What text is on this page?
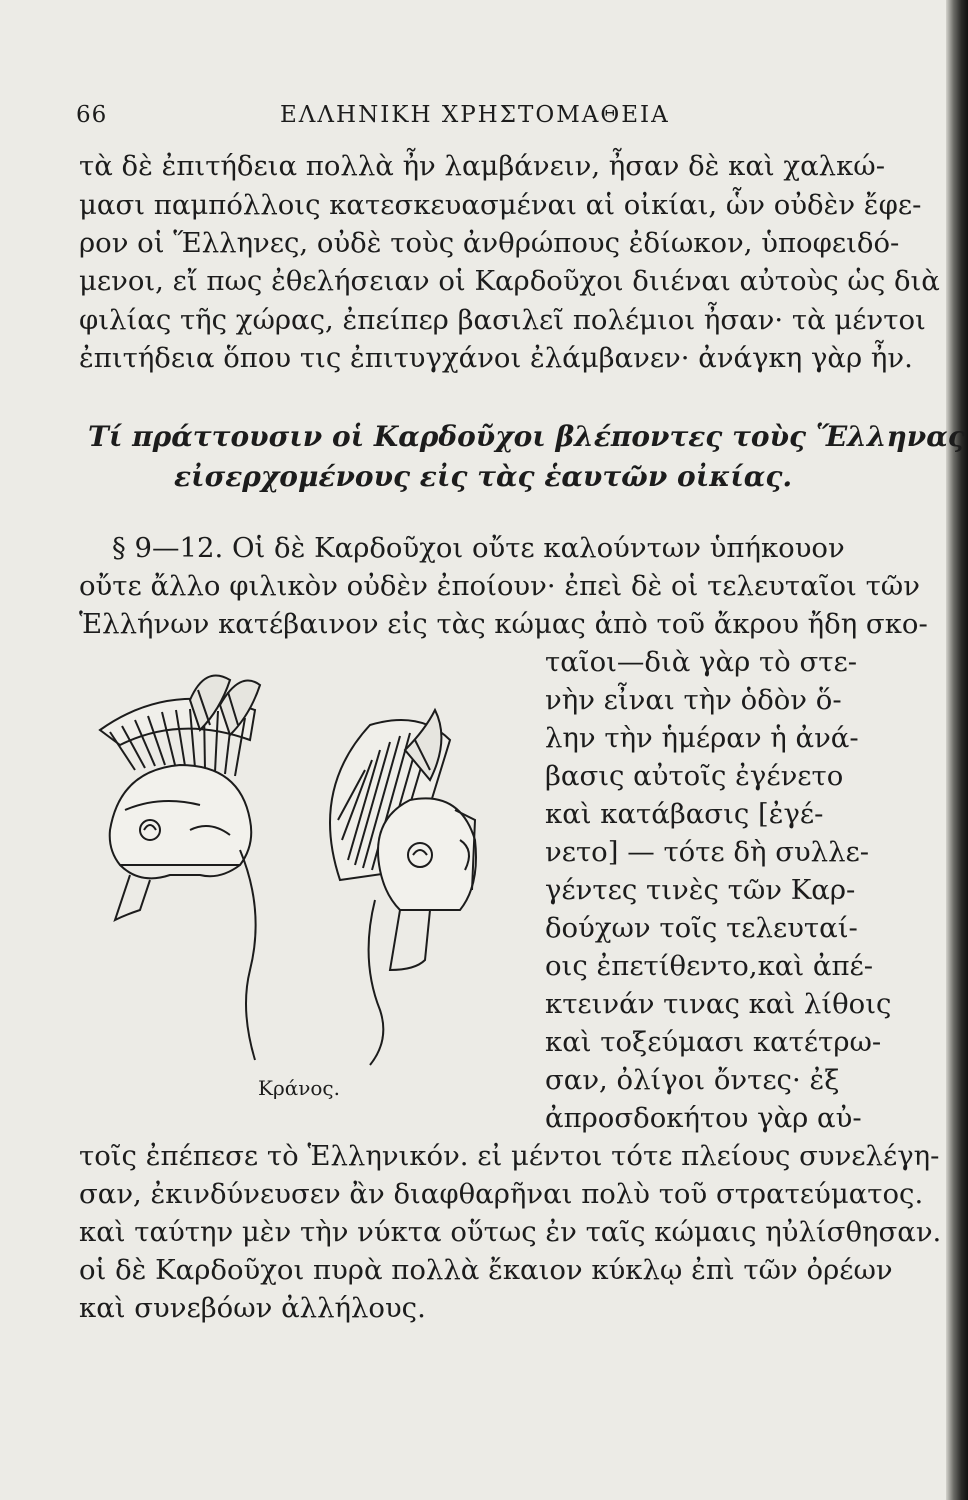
66	ΕΛΛΗΝΙΚΗ ΧΡΗΣΤΟΜΑΘΕΙΑ
τὰ δὲ ἐπιτήδεια πολλὰ ἦν λαμβάνειν, ἦσαν δὲ καὶ χαλκώ-
μασι παμπόλλοις κατεσκευασμέναι αἱ οἰκίαι, ὧν οὐδὲν ἔφε-
ρον οἱ Ἕλληνες, οὐδὲ τοὺς ἀνθρώπους ἐδίωκον, ὑποφειδό-
μενοι, εἴ πως ἐθελήσειαν οἱ Καρδοῦχοι διιέναι αὐτοὺς ὡς διὰ
φιλίας τῆς χώρας, ἐπείπερ βασιλεῖ πολέμιοι ἦσαν· τὰ μέντοι
ἐπιτήδεια ὅπου τις ἐπιτυγχάνοι ἐλάμβανεν· ἀνάγκη γὰρ ἦν.
Τί πράττουσιν οἱ Καρδοῦχοι βλέποντες τοὺς Ἕλληνας
εἰσερχομένους εἰς τὰς ἑαυτῶν οἰκίας.
§ 9—12. Οἱ δὲ Καρδοῦχοι οὔτε καλούντων ὑπήκουον
οὔτε ἄλλο φιλικὸν οὐδὲν ἐποίουν· ἐπεὶ δὲ οἱ τελευταῖοι τῶν
Ἑλλήνων κατέβαινον εἰς τὰς κώμας ἀπὸ τοῦ ἄκρου ἤδη σκο-
ταῖοι—διὰ γὰρ τὸ στε-
νὴν εἶναι τὴν ὁδὸν ὅ-
λην τὴν ἡμέραν ἡ ἀνά-
βασις αὐτοῖς ἐγένετο
καὶ κατάβασις [ἐγέ-
νετο] — τότε δὴ συλλε-
γέντες τινὲς τῶν Καρ-
δούχων τοῖς τελευταί-
οις ἐπετίθεντο,καὶ ἀπέ-
κτεινάν τινας καὶ λίθοις
καὶ τοξεύμασι κατέτρω-
σαν, ὀλίγοι ὄντες· ἐξ
ἀπροσδοκήτου γὰρ αὐ-
τοῖς ἐπέπεσε τὸ Ἑλληνικόν. εἰ μέντοι τότε πλείους συνελέγη-
σαν, ἐκινδύνευσεν ἂν διαφθαρῆναι πολὺ τοῦ στρατεύματος.
καὶ ταύτην μὲν τὴν νύκτα οὕτως ἐν ταῖς κώμαις ηὐλίσθησαν.
οἱ δὲ Καρδοῦχοι πυρὰ πολλὰ ἔκαιον κύκλῳ ἐπὶ τῶν ὀρέων
καὶ συνεβόων ἀλλήλους.
Κράνος.
